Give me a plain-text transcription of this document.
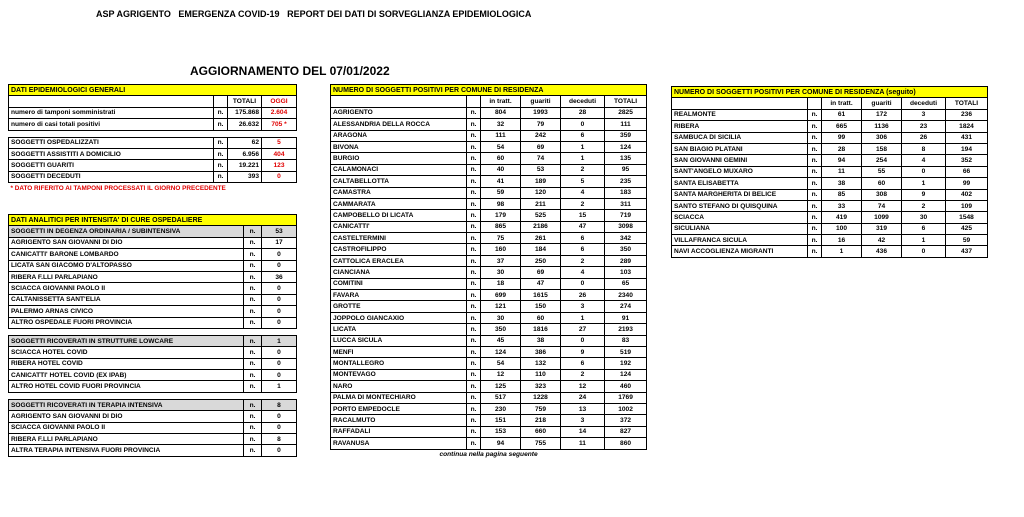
ASP AGRIGENTO EMERGENZA COVID-19 REPORT DEI DATI DI SORVEGLIANZA EPIDEMIOLOGICA
AGGIORNAMENTO DEL 07/01/2022
DATI EPIDEMIOLOGICI GENERALI			
		TOTALI	OGGI
numero di tamponi somministrati	n.	175.868	2.604
numero di casi totali positivi	n.	26.632	705 *

SOGGETTI OSPEDALIZZATI	n.	62	5
SOGGETTI ASSISTITI A DOMICILIO	n.	6.956	404
SOGGETTI GUARITI	n.	19.221	123
SOGGETTI DECEDUTI	n.	393	0
* DATO RIFERITO AI TAMPONI PROCESSATI IL GIORNO PRECEDENTE			
DATI ANALITICI PER INTENSITA' DI CURE OSPEDALIERE		
SOGGETTI IN DEGENZA ORDINARIA / SUBINTENSIVA	n.	53
AGRIGENTO SAN GIOVANNI DI DIO	n.	17
CANICATTI' BARONE LOMBARDO	n.	0
LICATA SAN GIACOMO D'ALTOPASSO	n.	0
RIBERA F.LLI PARLAPIANO	n.	36
SCIACCA GIOVANNI PAOLO II	n.	0
CALTANISSETTA SANT'ELIA	n.	0
PALERMO ARNAS CIVICO	n.	0
ALTRO OSPEDALE FUORI PROVINCIA	n.	0

SOGGETTI RICOVERATI IN STRUTTURE LOWCARE	n.	1
SCIACCA HOTEL COVID	n.	0
RIBERA HOTEL COVID	n.	0
CANICATTI' HOTEL COVID (EX IPAB)	n.	0
ALTRO HOTEL COVID FUORI PROVINCIA	n.	1

SOGGETTI RICOVERATI IN TERAPIA INTENSIVA	n.	8
AGRIGENTO SAN GIOVANNI DI DIO	n.	0
SCIACCA GIOVANNI PAOLO II	n.	0
RIBERA F.LLI PARLAPIANO	n.	8
ALTRA TERAPIA INTENSIVA FUORI PROVINCIA	n.	0
NUMERO DI SOGGETTI POSITIVI PER COMUNE DI RESIDENZA					
		in tratt.	guariti	deceduti	TOTALI
AGRIGENTO	n.	804	1993	28	2825
ALESSANDRIA DELLA ROCCA	n.	32	79	0	111
ARAGONA	n.	111	242	6	359
BIVONA	n.	54	69	1	124
BURGIO	n.	60	74	1	135
CALAMONACI	n.	40	53	2	95
CALTABELLOTTA	n.	41	189	5	235
CAMASTRA	n.	59	120	4	183
CAMMARATA	n.	98	211	2	311
CAMPOBELLO DI LICATA	n.	179	525	15	719
CANICATTI'	n.	865	2186	47	3098
CASTELTERMINI	n.	75	261	6	342
CASTROFILIPPO	n.	160	184	6	350
CATTOLICA ERACLEA	n.	37	250	2	289
CIANCIANA	n.	30	69	4	103
COMITINI	n.	18	47	0	65
FAVARA	n.	699	1615	26	2340
GROTTE	n.	121	150	3	274
JOPPOLO GIANCAXIO	n.	30	60	1	91
LICATA	n.	350	1816	27	2193
LUCCA SICULA	n.	45	38	0	83
MENFI	n.	124	386	9	519
MONTALLEGRO	n.	54	132	6	192
MONTEVAGO	n.	12	110	2	124
NARO	n.	125	323	12	460
PALMA DI MONTECHIARO	n.	517	1228	24	1769
PORTO EMPEDOCLE	n.	230	759	13	1002
RACALMUTO	n.	151	218	3	372
RAFFADALI	n.	153	660	14	827
RAVANUSA	n.	94	755	11	860
continua nella pagina seguente					
NUMERO DI SOGGETTI POSITIVI PER COMUNE DI RESIDENZA (seguito)					
		in tratt.	guariti	deceduti	TOTALI
REALMONTE	n.	61	172	3	236
RIBERA	n.	665	1136	23	1824
SAMBUCA DI SICILIA	n.	99	306	26	431
SAN BIAGIO PLATANI	n.	28	158	8	194
SAN GIOVANNI GEMINI	n.	94	254	4	352
SANT'ANGELO MUXARO	n.	11	55	0	66
SANTA ELISABETTA	n.	38	60	1	99
SANTA MARGHERITA DI BELICE	n.	85	308	9	402
SANTO STEFANO DI QUISQUINA	n.	33	74	2	109
SCIACCA	n.	419	1099	30	1548
SICULIANA	n.	100	319	6	425
VILLAFRANCA SICULA	n.	16	42	1	59
NAVI ACCOGLIENZA MIGRANTI	n.	1	436	0	437
